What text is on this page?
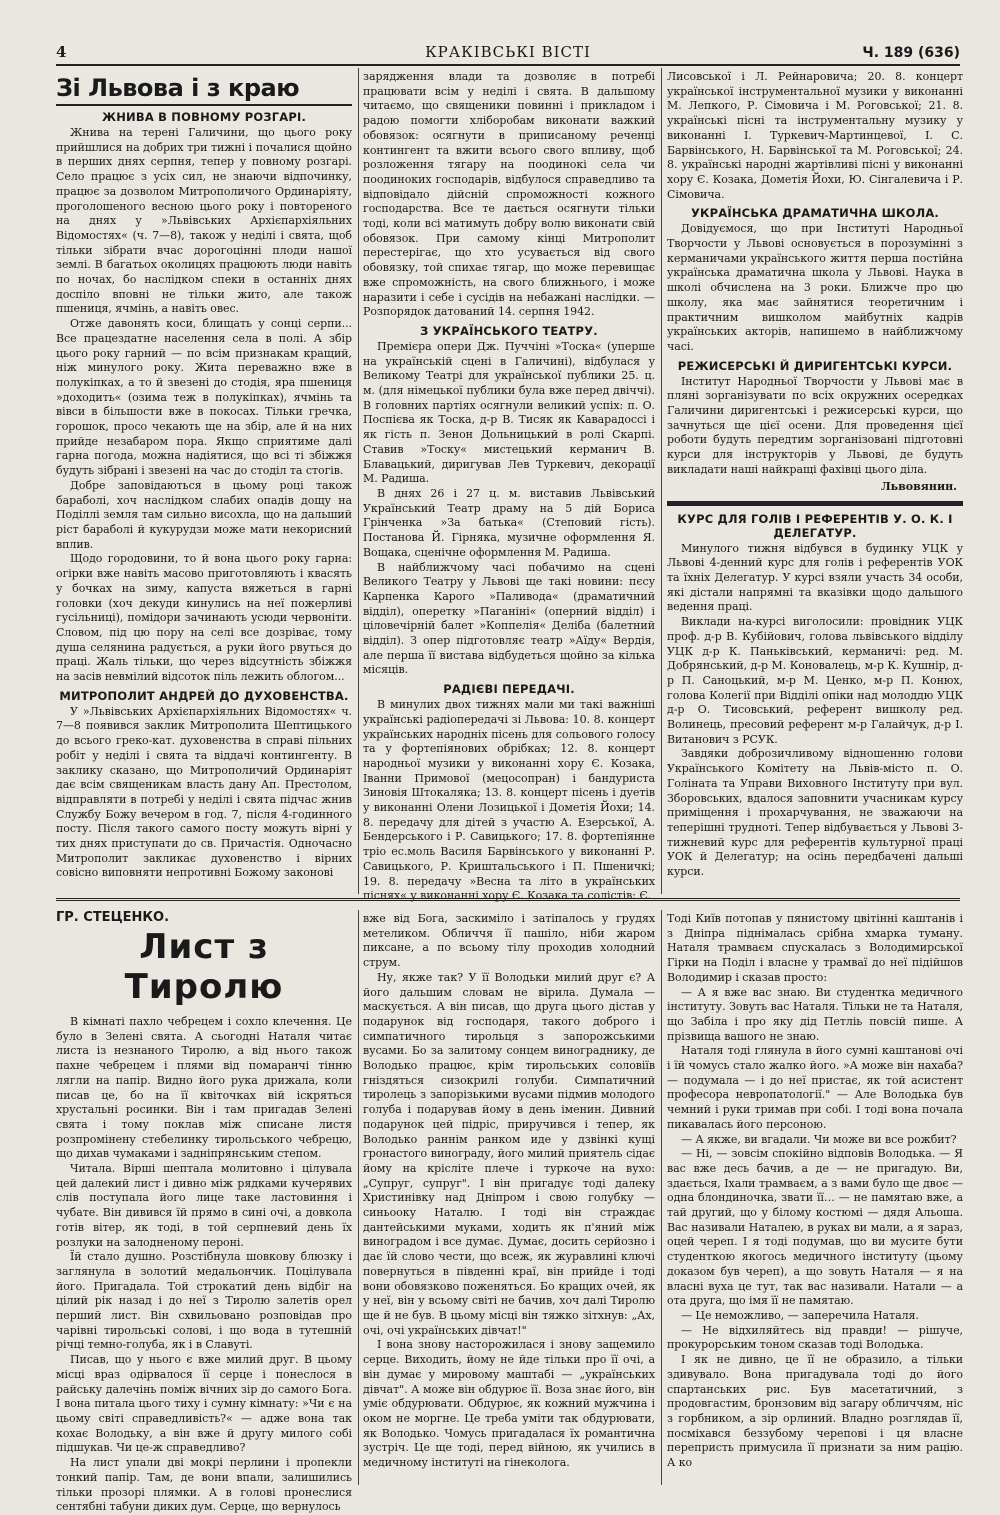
4	КРАКІВСЬКІ ВІСТІ	Ч. 189 (636)
Зі Львова і з краю
ЖНИВА В ПОВНОМУ РОЗГАРІ.

Жнива на терені Галичини, що цього року прийшлися на добрих три тижні і почалися щойно в перших днях серпня, тепер у повному розгарі. Село працює з усіх сил, не знаючи відпочинку, працює за дозволом Митрополичого Ординаріяту, проголошеного весною цього року і повтореного на днях у »Львівських Архієпархіяльних Відомостях« (ч. 7—8), також у неділі і свята, щоб тільки зібрати вчас дорогоцінні плоди нашої землі. В багатьох околицях працюють люди навіть по ночах, бо наслідком спеки в останніх днях доспіло вповні не тільки жито, але також пшениця, ячмінь, а навіть овес.

Отже давонять коси, блищать у сонці серпи... Все працездатне населення села в полі. А збір цього року гарний — по всім признакам кращий, ніж минулого року. Жита переважно вже в полукіпках, а то й звезені до стодія, яра пшениця »доходить« (озима теж в полукіпках), ячмінь та вівси в більшости вже в покосах. Тільки гречка, горошок, просо чекають ще на збір, але й на них прийде незабаром пора. Якщо сприятиме далі гарна погода, можна надіятися, що всі ті збіжжя будуть зібрані і звезені на час до стоділ та стогів.

Добре заповідаються в цьому році також бараболі, хоч наслідком слабих опадів дощу на Поділлі земля там сильно висохла, що на дальший ріст бараболі й кукурудзи може мати некорисний вплив.

Щодо городовини, то й вона цього року гарна: огірки вже навіть масово приготовляють і квасять у бочках на зиму, капуста вяжеться в гарні головки (хоч декуди кинулись на неї пожерливі гусільниці), помідори зачинають усюди червоніти. Словом, під цю пору на селі все дозріває, тому душа селянина радується, а руки його рвуться до праці. Жаль тільки, що через відсутність збіжжя на засів невмілий відсоток піль лежить облогом...

МИТРОПОЛИТ АНДРЕЙ ДО ДУХОВЕНСТВА.

У »Львівських Архієпархіяльних Відомостях« ч. 7—8 появився заклик Митрополита Шептицького до всього греко-кат. духовенства в справі пільних робіт у неділі і свята та віддачі контингенту. В заклику сказано, що Митрополичий Ординаріят дає всім священикам власть дану Ап. Престолом, відпрaвляти в потребі у неділі і свята підчас жнив Службу Божу вечером в год. 7, після 4-годинного посту. Після такого самого посту можуть вірні у тих днях приступати до св. Причастія. Одночасно Митрополит закликає духовенство і вірних совісно виповняти непротивні Божому законові

зарядження влади та дозволяє в потребі працювати всім у неділі і свята. В дальшому читаємо, що священики повинні і прикладом і радою помогти хліборобам виконати важкий обовязок: осягнути в приписаному реченці контингент та вжити всього свого впливу, щоб розложення тягару на поодинокі села чи поодиноких господарів, відбулося справедливо та відповідало дійсній спроможності кожного господарства. Все те дається осягнути тільки тоді, коли всі матимуть добру волю виконати свій обовязок. При самому кінці Митрополит перестерігає, що хто усувається від свого обовязку, той спихає тягар, що може перевищає вже спроможність, на свого ближнього, і може наразити і себе і сусідів на небажані наслідки. — Розпорядок датований 14. серпня 1942.

З УКРАЇНСЬКОГО ТЕАТРУ.

Премієра опери Дж. Пуччіні »Тоска« (уперше на українській сцені в Галичині), відбулася у Великому Театрі для української публики 25. ц. м. (для німецької публики була вже перед двіччі). В головних партіях осягнули великий успіх: п. О. Поспієва як Тоска, д-р В. Тисяк як Каварадоссі і як гість п. Зенон Дольницький в ролі Скарпі. Ставив »Тоску« мистецький керманич В. Блавацький, диригував Лев Туркевич, декорації М. Радиша.

В днях 26 і 27 ц. м. виставив Львівський Український Театр драму на 5 дій Бориса Грінченка »За батька« (Степовий гість). Постанова Й. Гірняка, музичне оформлення Я. Вощака, сценічне оформлення М. Радиша.

В найближчому часі побачимо на сцені Великого Театру у Львові ще такі новини: пєсу Карпенка Карого »Паливода« (драматичний відділ), оперетку »Паганіні« (оперний відділ) і ціловечірній балет »Коппелія« Деліба (балетний відділ). З опер підготовляє театр »Аїду« Вердія, але перша її вистава відбудеться щойно за кілька місяців.

РАДІЄВІ ПЕРЕДАЧІ.

В минулих двох тижнях мали ми такі важніші українські радіопередачі зі Львова: 10. 8. концерт українських народніх пісень для сольового голосу та у фортепіяновиx обрібках; 12. 8. концерт народньої музики у виконанні хору Є. Козака, Іванни Примової (мецосопран) і бандуриста Зиновія Штокаляка; 13. 8. концерт пісень і дуетів у виконанні Олени Лозицької і Дометія Йохи; 14. 8. передачу для дітей з участю А. Езерської, А. Бендерського і Р. Савицького; 17. 8. фортепіянне трiо ес.моль Василя Барвінського у виконанні Р. Савицького, Р. Криштальського і П. Пшеничкі; 19. 8. передачу »Весна та літо в українських піснях« у виконанні хору Є. Козака та солістів: Є.

Лисовської і Л. Рейнаровича; 20. 8. концерт української інструментальної музики у виконанні М. Лепкого, Р. Сімовича і М. Роговської; 21. 8. українські пісні та інструментальну музику у виконанні І. Туркевич-Мартинцевої, І. С. Барвінського, Н. Барвінської та М. Роговської; 24. 8. українські народні жартівливі пісні у виконанні хору Є. Козака, Дометія Йохи, Ю. Сінгалевича і Р. Сімовича.

УКРАЇНСЬКА ДРАМАТИЧНА ШКОЛА.

Довідуємося, що при Інституті Народньої Творчости у Львові основується в порозумінні з керманичами українського життя перша постійна українська драматична школа у Львові. Наука в школі обчислена на 3 роки. Ближче про цю школу, яка має зайнятися теоретичним і практичним вишколом майбутніх кадрів українських акторів, напишемо в найближчому часі.

РЕЖИСЕРСЬКІ Й ДИРИГЕНТСЬКІ КУРСИ.

Інститут Народньої Творчости у Львові має в пляні зорганізувати по всіх окружних осередках Галичини диригентські і режисерські курси, що зачнуться ще цієї осени. Для проведення цієї роботи будуть передтим зорганізовані підготовні курси для інструкторів у Львові, де будуть викладати наші найкращі фахівці цього діла.

Львовянин.
КУРС ДЛЯ ГОЛІВ І РЕФЕРЕНТІВ У. О. К. І ДЕЛЕГАТУР.

Минулого тижня відбувся в будинку УЦК у Львові 4-денний курс для голів і референтів УОК та їхніх Делегатур. У курсі взяли участь 34 особи, які дістали напрямні та вказівки щодо дальшого ведення праці.

Виклади на-курсі виголосили: провідник УЦК проф. д-р В. Кубійович, голова львівського відділу УЦК д-р К. Паньківський, керманичі: ред. М. Добрянський, д-р М. Коновалець, м-р К. Кушнір, д-р П. Саноцький, м-р М. Ценко, м-р П. Конюх, голова Колегії при Відділі опіки над молоддю УЦК д-р О. Тисовський, референт вишколу ред. Волинець, пресовий референт м-р Галайчук, д-р І. Витанович з РСУК.

Завдяки доброзичливому відношенню голови Українського Комітету на Львів-місто п. О. Голіната та Управи Виховного Інституту при вул. Зборовських, вдалося заповнити учасникам курсу приміщення і прохарчування, не зважаючи на теперішні трудноті. Тепер відбувається у Львові 3-тижневий курс для референтів культурної праці УОК й Делегатур; на осінь передбачені дальші курси.

ГР. СТЕЦЕНКО.
Лист з Тиролю

В кімнаті пахло чебрецем і сохло клечення. Це було в Зелені свята. А сьогодні Наталя читає листа із незнаного Тиролю, а від нього також пахне чебрецем і плями від помаранчі тінню лягли на папір. Видно його рука дрижала, коли писав це, бо на її квіточках вій іскряться хрустальні росинки. Він і там пригадав Зелені свята і тому поклав між списане листя розпромінену стебелинку тирольського чебрецю, що дихав чумаками і задніпрянським степом.

Читала. Вірші шептала молитовно і цілувала цей далекий лист і дивно між рядками кучерявих слів поступала його лице таке ластовиння і чубате. Він дивився їй прямо в сині очі, а довкола готів вітер, як тоді, в той серпневий день їх розлуки на залодненому пероні.

Їй стало душно. Розстібнула шовкову блюзку і заглянула в золотий медальончик. Поцілувала його. Пригадала. Той строкатий день відбіг на цілий рік назад і до неї з Тиролю залетів орел перший лист. Він схвильовано розповідав про чарівні тирольські солові, і що вода в тутешній річці темно-голуба, як і в Славуті.

Писав, що у нього є вже милий друг. В цьому місці враз одірвалося її серце і понеслося в райську далечінь поміж вічних зір до самого Бога. І вона питала цього тиху і сумну кімнату: »Чи є на цьому світі справедливість?« — адже вона так кохає Володьку, а він вже й другу милого собі підшукав. Чи це-ж справедливо?

На лист упали дві мокрі перлини і пропекли тонкий папір. Там, де вони впали, залишились тільки прозорі плямки. А в голові пронеслися сентябні табуни диких дум. Серце, що вернулось

вже від Бога, заскиміло і затіпалось у грудях метеликом. Обличчя її пашіло, ніби жаром пиксане, а по всьому тілу проходив холодний струм.

Ну, якже так? У її Володьки милий друг є? А його дальшим словам не вірила. Думала — маскується. А він писав, що друга цього дістав у подарунок від господаря, такого доброго і симпатичного тирольця з запорожськими вусами. Бо за залитому сонцем винограднику, де Володько працює, крім тирольських соловіїв гніздяться сизокрилі голуби. Симпатичний тиролець з запорізькими вусами підмив молодого голуба і подарував йому в день іменин. Дивний подарунок цей підріс, приручився і тепер, як Володько раннім ранком иде у дзвінкі кущі гронастого винограду, його милий приятель сідає йому на крісліте плече і туркоче на вухо: „Супруг, супруг". І він пригадує тоді далеку Христинівку над Дніпром і свою голубку — синьооку Наталю. І тоді він страждає дантейськими муками, ходить як п'яний між виноградом і все думає. Думає, досить серйозно і дає їй слово чести, що всеж, як журавлині ключі повернуться в південні краї, він прийде і тоді вони обовязково поженяться. Бо кращих очей, як у неї, він у всьому світі не бачив, хоч далі Тиролю ще й не був. В цьому місці він тяжко зітхнув: „Ах, очі, очі українських дівчат!"

І вона знову насторожилася і знову защемило серце. Виходить, йому не йде тільки про її очі, а він думає у мировому маштабі — „українських дівчат". А може він обдурює її. Воза знає його, він уміє обдурювати. Обдурює, як кожний мужчина і оком не моргне. Це треба уміти так обдурювати, як Володько. Чомусь пригадалася їх романтична зустріч. Це ще тоді, перед війною, як учились в медичному інституті на гінеколога.

Тоді Київ потопав у пянистому цвітінні каштанів і з Дніпра піднімалась срібна хмарка туману. Наталя трамваєм спускалась з Володимирської Гірки на Поділ і власне у трамваї до неї підійшов Володимир і сказав просто:

— А я вже вас знаю. Ви студентка медичного інституту. Зовуть вас Наталя. Тільки не та Наталя, що Забіла і про яку дід Петліь повсій пише. А прізвища вашого не знаю.

Наталя тоді глянула в його сумні каштанові очі і їй чомусь стало жалко його. »А може він нахаба? — подумала — і до неї пристає, як той асистент професора невропатології." — Але Володька був чемний і руки тримав при собі. І тоді вона почала пикавалась його персоною.

— А якже, ви вгадали. Чи може ви всe рожбит?

— Ні, — зовсім спокійно відповів Володька. — Я вас вже десь бачив, а де — не пригадую. Ви, здається, Іхали трамваєм, а з вами було ще двоє — одна блондиночка, звати її… — не памятаю вже, а тай другий, що у білому костюмі — дядя Альоша. Вас називали Наталею, в руках ви мали, а я зараз, оцей череп. І я тоді подумав, що ви мусите бути студенткою якогось медичного інституту (цьому доказом був череп), а що зовуть Наталя — я на власні вуха це тут, так вас називали. Натали — а ота друга, що імя її не памятаю.

— Це неможливо, — заперечила Наталя.

— Не відхиляйтесь від правди! — рішуче, прокурорським тоном сказав тоді Володька.

І як не дивно, це її не образило, а тільки здивувало. Вона пригадувала тоді до його спартанських рис. Був масетатичний, з продовгастим, бронзовим від загару обличчям, ніс з горбником, а зір орлиний. Владно розглядав її, посміхався беззубому черепові і ця власне перепристь примусила її признати за ним рацію. А ко
